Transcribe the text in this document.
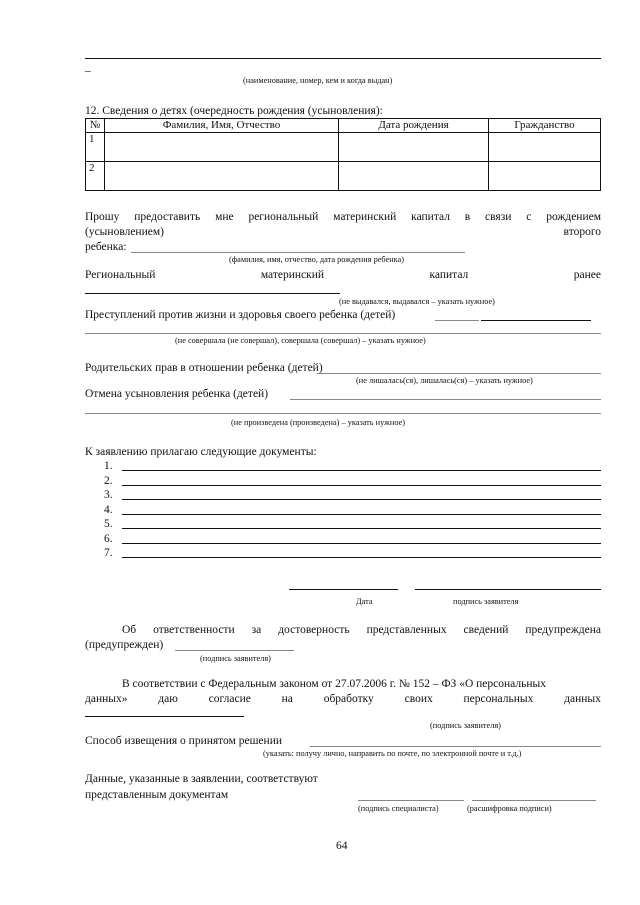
–
(наименование, номер, кем и когда выдан)
12. Сведения о детях (очередность рождения (усыновления):
№	Фамилия, Имя, Отчество	Дата рождения	Гражданство
1			
2			
Прошу предоставить мне региональный материнский капитал в связи с рождением
(усыновлением)	второго
ребенка:
(фамилия, имя, отчество, дата рождения ребенка)
Региональный	материнский	капитал	ранее
(не выдавался, выдавался – указать нужное)
Преступлений против жизни и здоровья своего ребенка (детей)
(не совершала (не совершал), совершала (совершал) – указать нужное)
Родительских прав в отношении ребенка (детей)
(не лишалась(ся), лишалась(ся) – указать нужное)
Отмена усыновления ребенка (детей)
(не произведена (произведена) – указать нужное)
К заявлению прилагаю следующие документы:
1.
2.
3.
4.
5.
6.
7.
Дата	подпись заявителя
Об ответственности за достоверность представленных сведений предупреждена
(предупрежден)
(подпись заявителя)
В соответствии с Федеральным законом от 27.07.2006 г. № 152 – ФЗ «О персональных
данных»	даю	согласие	на	обработку	своих	персональных	данных
(подпись заявителя)
Способ извещения о принятом решении
(указать: получу лично, направить по почте, по электронной почте и т.д.)
Данные, указанные в заявлении, соответствуют
представленным документам
(подпись специалиста)	(расшифровка подписи)
64
